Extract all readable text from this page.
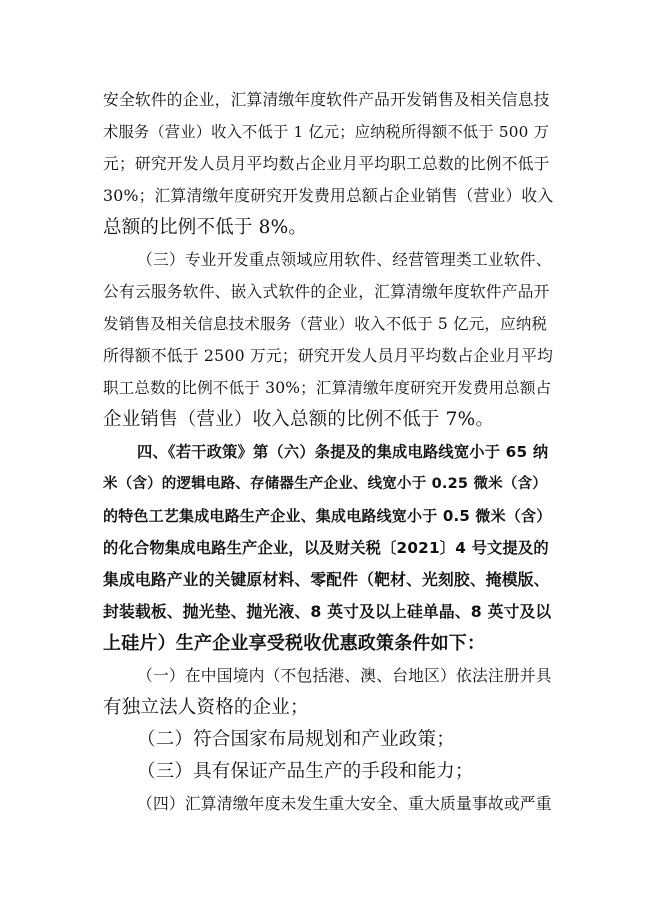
安全软件的企业，汇算清缴年度软件产品开发销售及相关信息技
术服务（营业）收入不低于 1 亿元；应纳税所得额不低于 500 万
元；研究开发人员月平均数占企业月平均职工总数的比例不低于
30%；汇算清缴年度研究开发费用总额占企业销售（营业）收入
总额的比例不低于 8%。
（三）专业开发重点领域应用软件、经营管理类工业软件、
公有云服务软件、嵌入式软件的企业，汇算清缴年度软件产品开
发销售及相关信息技术服务（营业）收入不低于 5 亿元，应纳税
所得额不低于 2500 万元；研究开发人员月平均数占企业月平均
职工总数的比例不低于 30%；汇算清缴年度研究开发费用总额占
企业销售（营业）收入总额的比例不低于 7%。
四、《若干政策》第（六）条提及的集成电路线宽小于 65 纳
米（含）的逻辑电路、存储器生产企业、线宽小于 0.25 微米（含）
的特色工艺集成电路生产企业、集成电路线宽小于 0.5 微米（含）
的化合物集成电路生产企业，以及财关税〔2021〕4 号文提及的
集成电路产业的关键原材料、零配件（靶材、光刻胶、掩模版、
封装载板、抛光垫、抛光液、8 英寸及以上硅单晶、8 英寸及以
上硅片）生产企业享受税收优惠政策条件如下：
（一）在中国境内（不包括港、澳、台地区）依法注册并具
有独立法人资格的企业；
（二）符合国家布局规划和产业政策；
（三）具有保证产品生产的手段和能力；
（四）汇算清缴年度未发生重大安全、重大质量事故或严重
